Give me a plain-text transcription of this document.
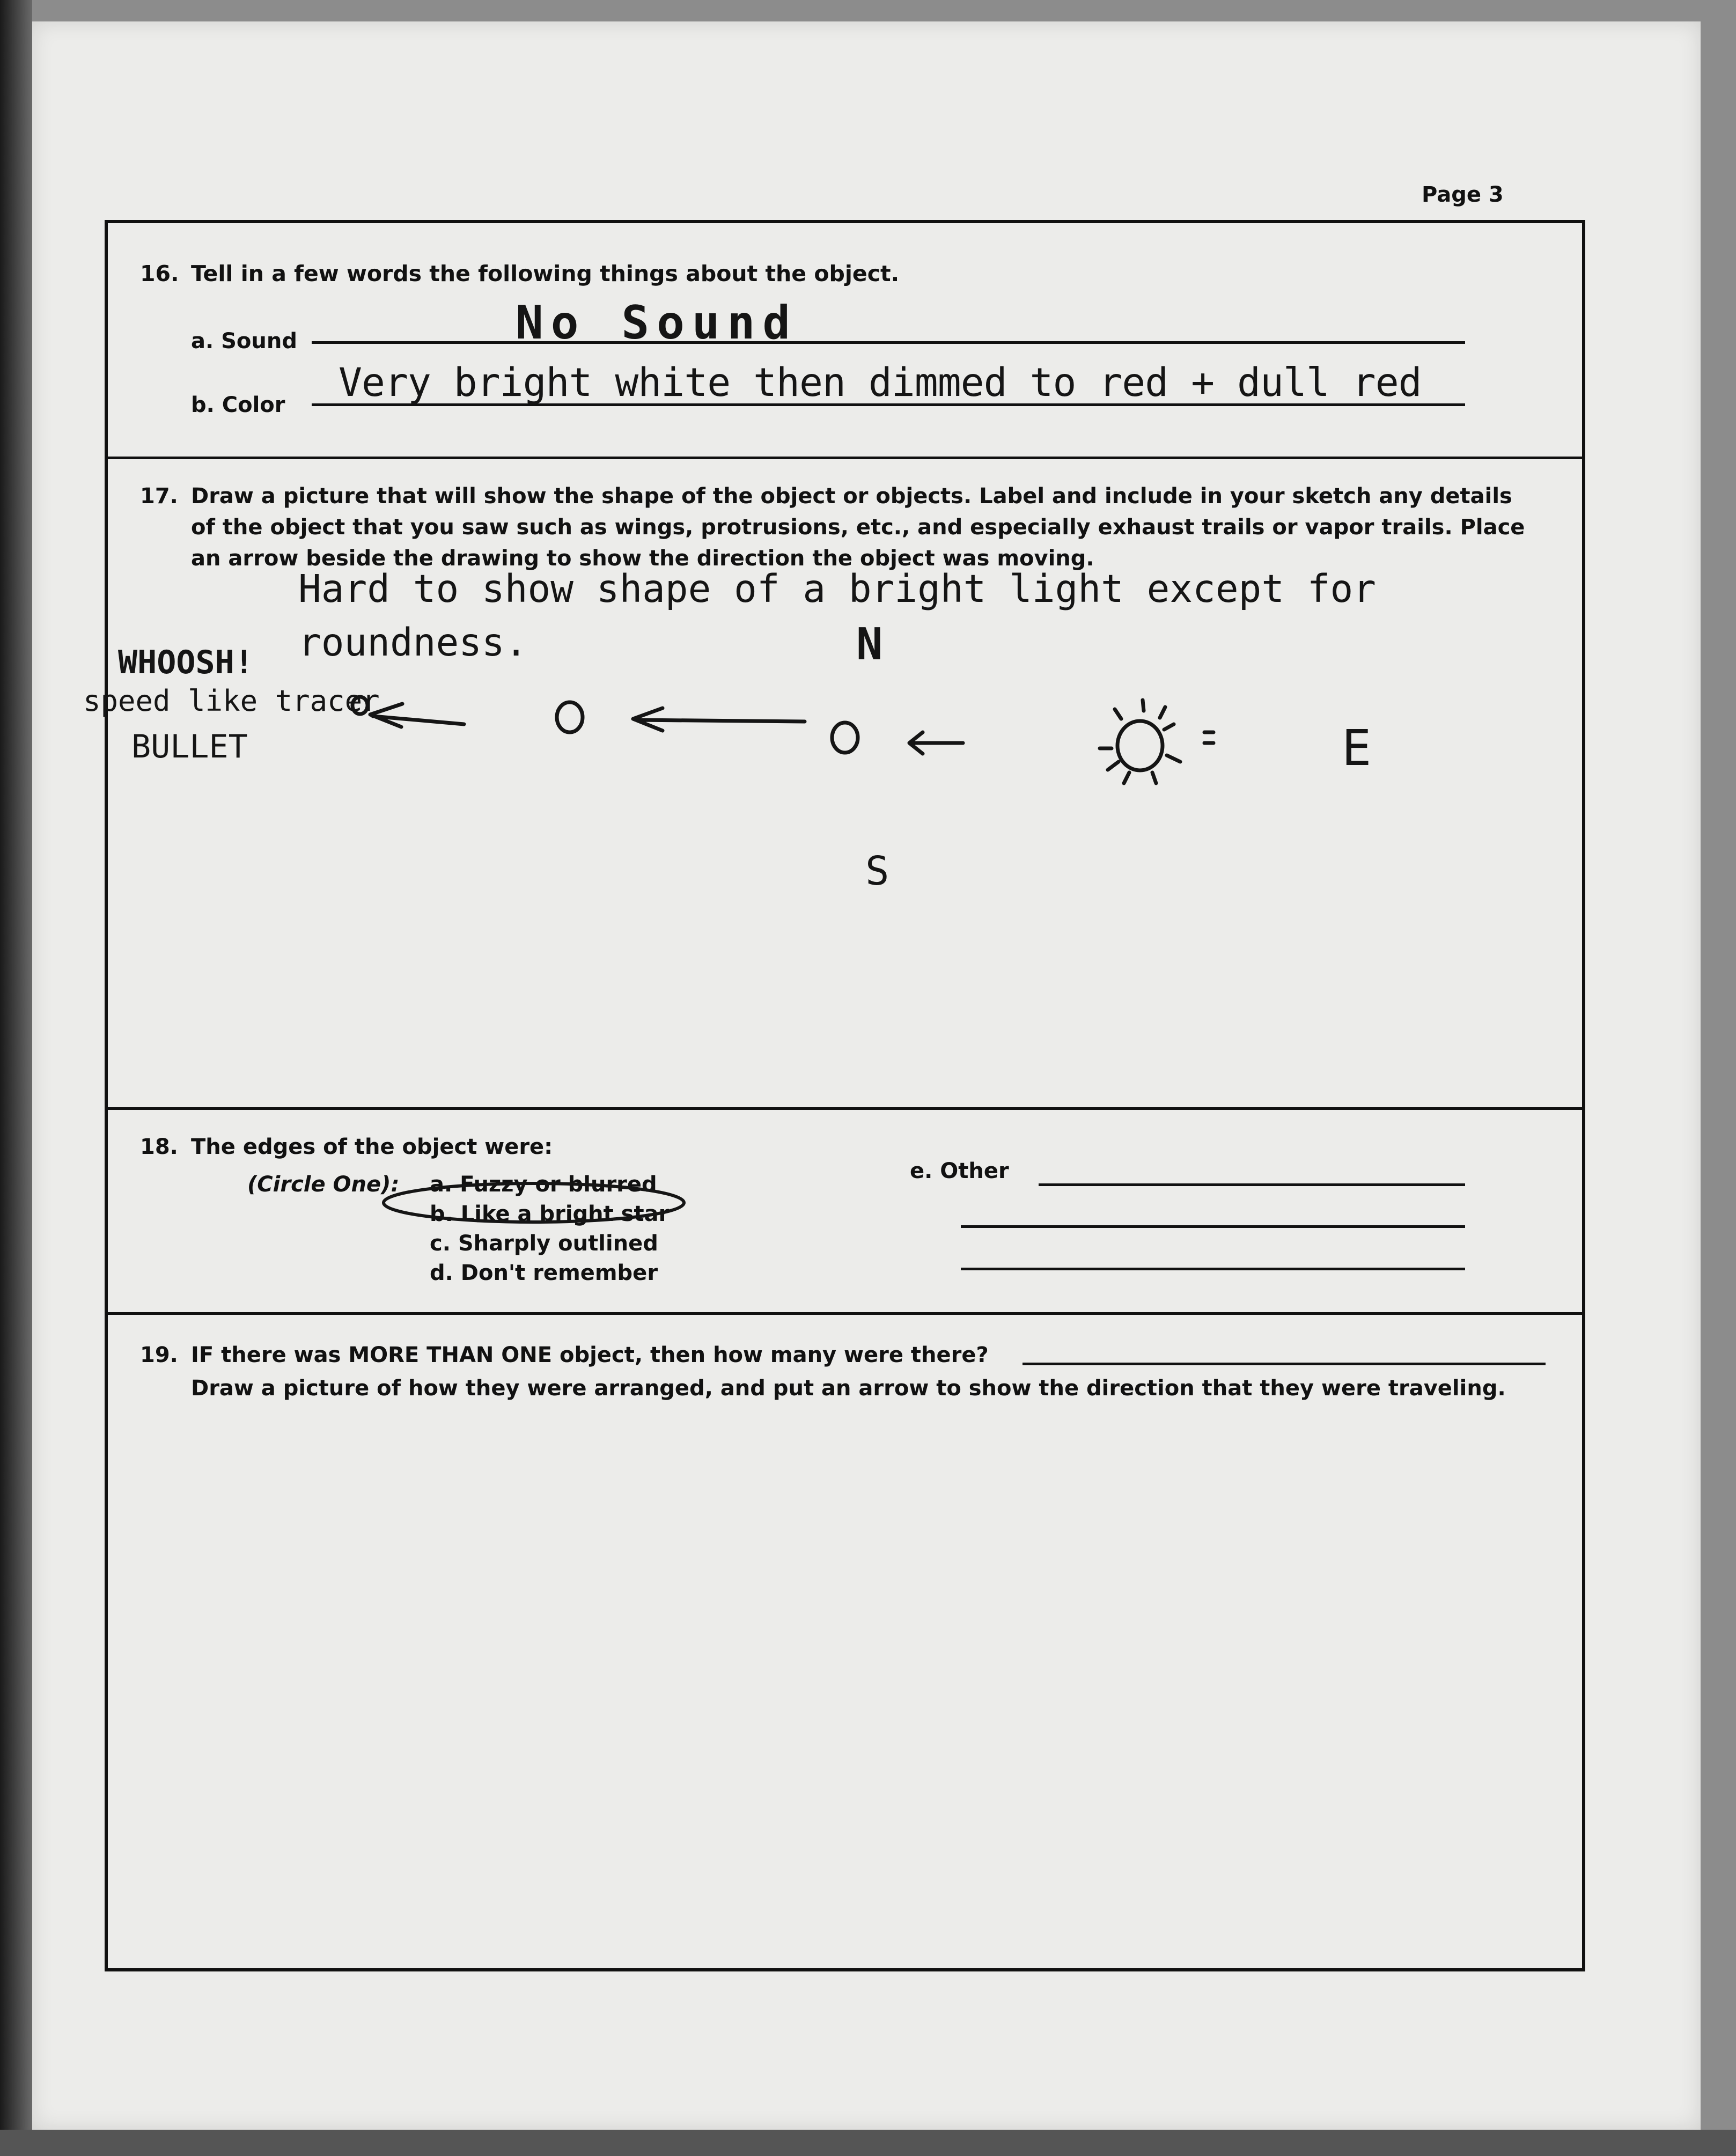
Page 3
16. Tell in a few words the following things about the object.
a. Sound	No Sound
b. Color Very bright white then dimmed to red + dull red
17. Draw a picture that will show the shape of the object or objects. Label and include in your sketch any details
of the object that you saw such as wings, protrusions, etc., and especially exhaust trails or vapor trails. Place
an arrow beside the drawing to show the direction the object was moving.
Hard to show shape of a bright light except for
roundness.	N
S
E
18. The edges of the object were:
(Circle One): a. Fuzzy or blurred
b. Like a bright star
c. Sharply outlined
d. Don't remember
e. Other
19. IF there was MORE THAN ONE object, then how many were there?
Draw a picture of how they were arranged, and put an arrow to show the direction that they were traveling.

WHOOSH!
speed like tracer
BULLET
